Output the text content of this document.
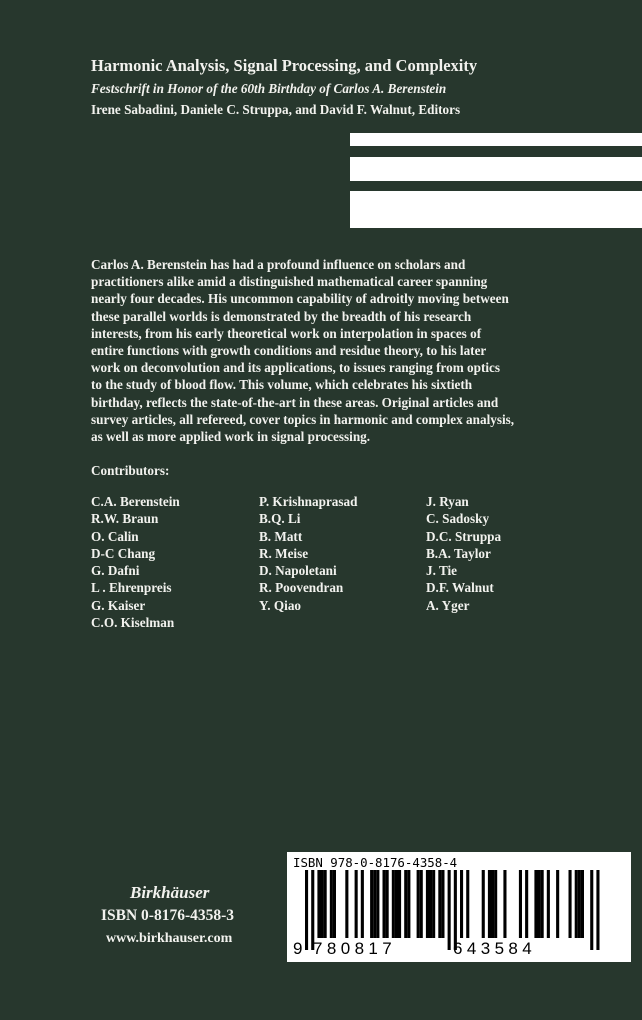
Harmonic Analysis, Signal Processing, and Complexity
Festschrift in Honor of the 60th Birthday of Carlos A. Berenstein
Irene Sabadini, Daniele C. Struppa, and David F. Walnut, Editors
Carlos A. Berenstein has had a profound influence on scholars and
practitioners alike amid a distinguished mathematical career spanning
nearly four decades. His uncommon capability of adroitly moving between
these parallel worlds is demonstrated by the breadth of his research
interests, from his early theoretical work on interpolation in spaces of
entire functions with growth conditions and residue theory, to his later
work on deconvolution and its applications, to issues ranging from optics
to the study of blood flow. This volume, which celebrates his sixtieth
birthday, reflects the state-of-the-art in these areas. Original articles and
survey articles, all refereed, cover topics in harmonic and complex analysis,
as well as more applied work in signal processing.
Contributors:
C.A. Berenstein
R.W. Braun
O. Calin
D-C Chang
G. Dafni
L . Ehrenpreis
G. Kaiser
C.O. Kiselman
P. Krishnaprasad
B.Q. Li
B. Matt
R. Meise
D. Napoletani
R. Poovendran
Y. Qiao
J. Ryan
C. Sadosky
D.C. Struppa
B.A. Taylor
J. Tie
D.F. Walnut
A. Yger
Birkhäuser
ISBN 0-8176-4358-3
www.birkhauser.com
ISBN 978-0-8176-4358-4
9 780817	643584
